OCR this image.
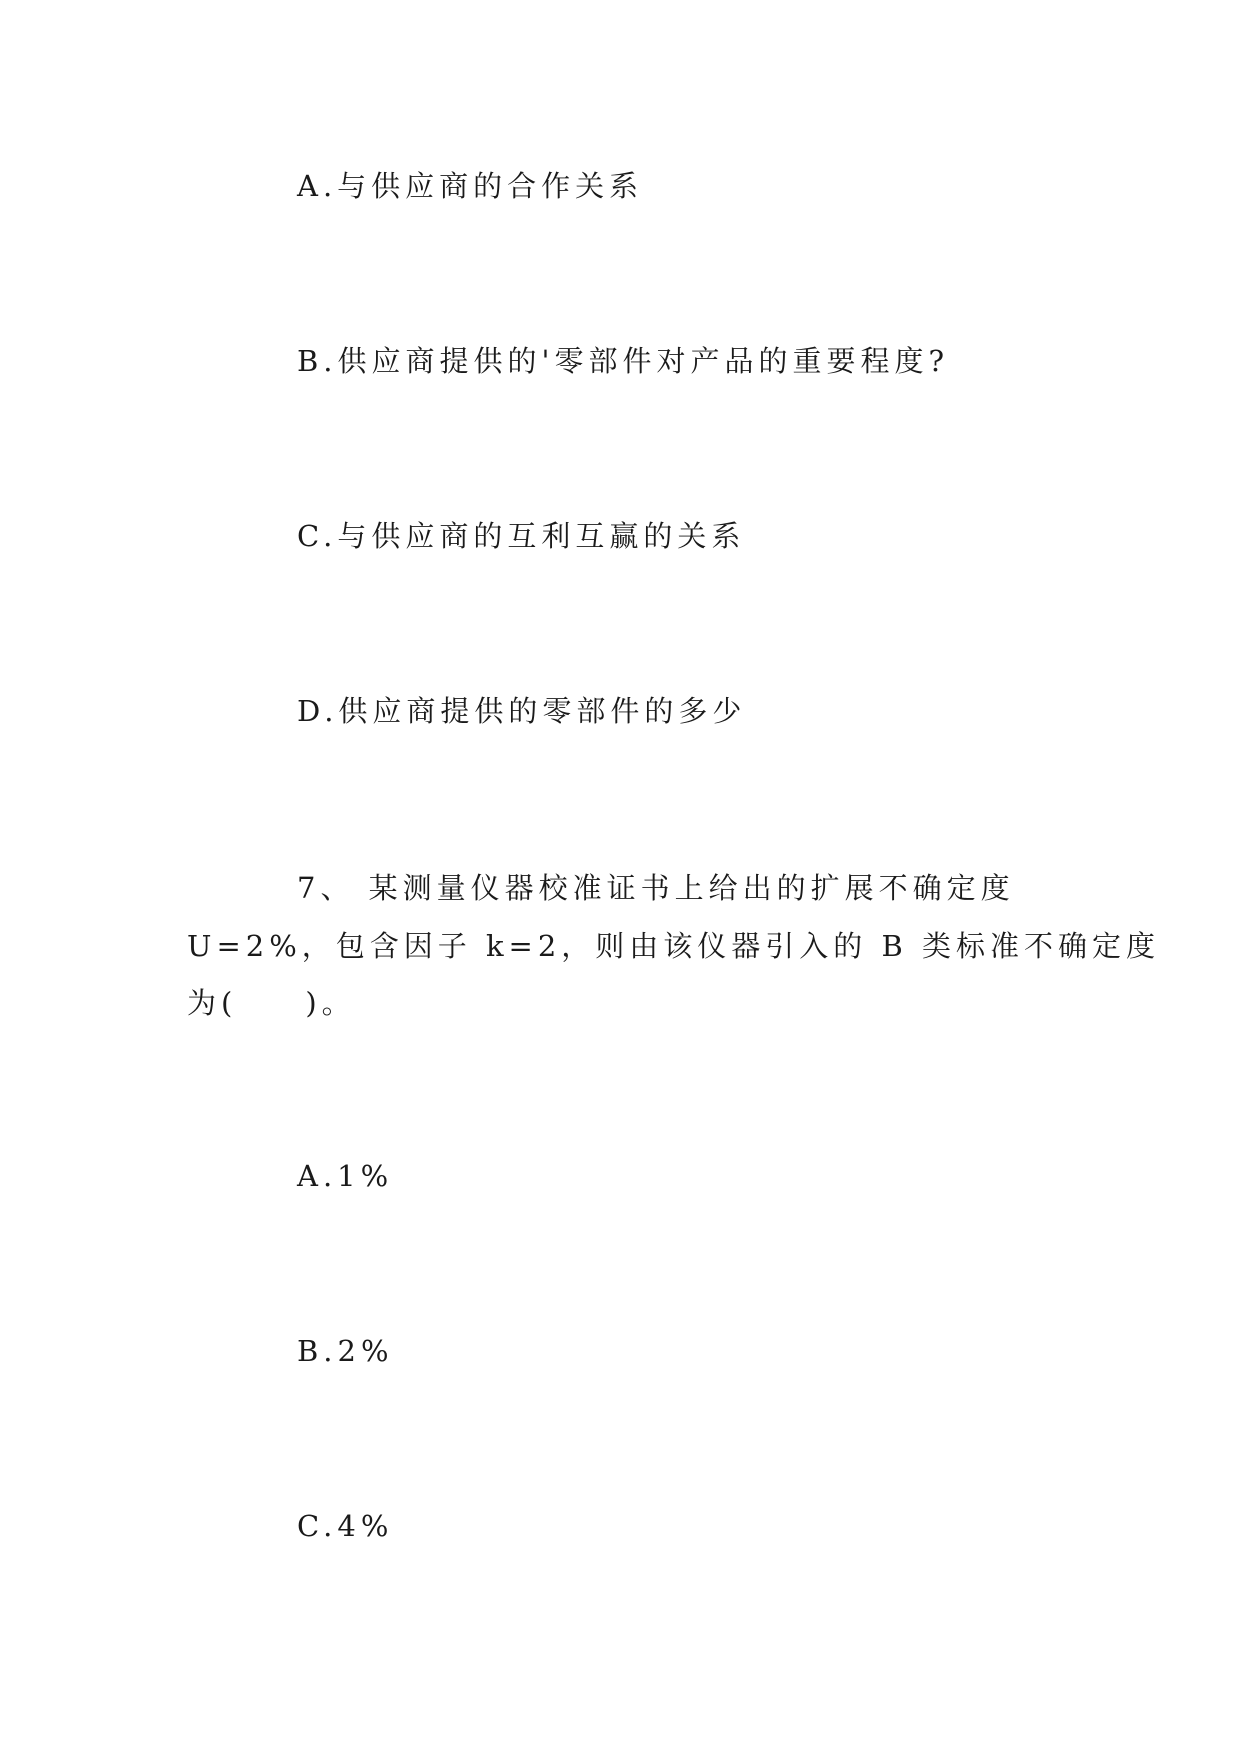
A.与供应商的合作关系
B.供应商提供的'零部件对产品的重要程度?
C.与供应商的互利互赢的关系
D.供应商提供的零部件的多少
7、 某测量仪器校准证书上给出的扩展不确定度
U=2%，包含因子 k=2，则由该仪器引入的 B 类标准不确定度
为(　　)。
A.1%
B.2%
C.4%
